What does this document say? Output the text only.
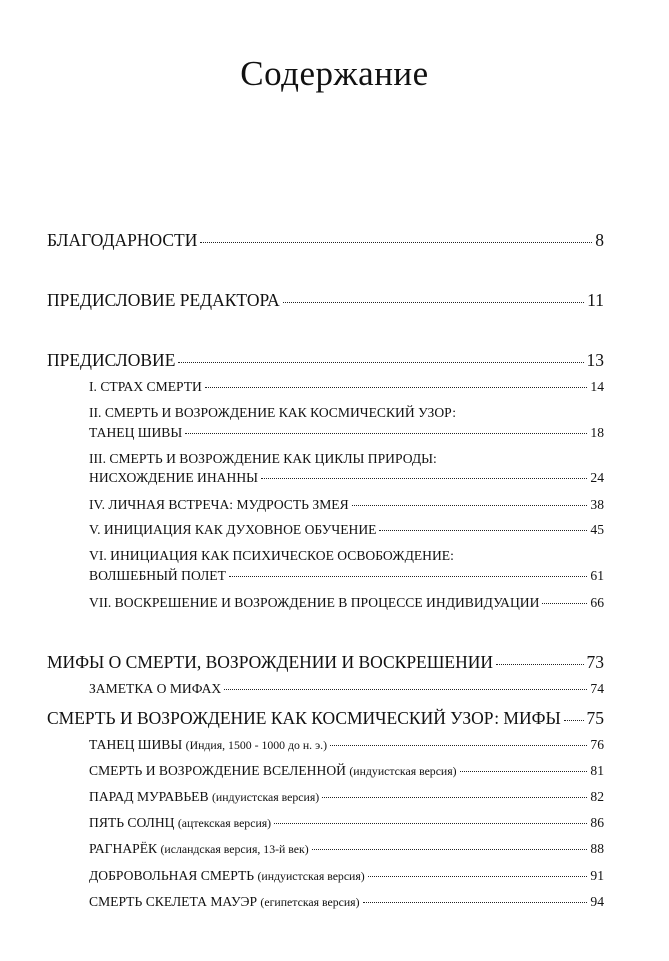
Содержание
БЛАГОДАРНОСТИ	8
ПРЕДИСЛОВИЕ РЕДАКТОРА	11
ПРЕДИСЛОВИЕ	13
I. СТРАХ СМЕРТИ	14
II. СМЕРТЬ И ВОЗРОЖДЕНИЕ КАК КОСМИЧЕСКИЙ УЗОР:
ТАНЕЦ ШИВЫ	18
III. СМЕРТЬ И ВОЗРОЖДЕНИЕ КАК ЦИКЛЫ ПРИРОДЫ:
НИСХОЖДЕНИЕ ИНАННЫ	24
IV. ЛИЧНАЯ ВСТРЕЧА: МУДРОСТЬ ЗМЕЯ	38
V. ИНИЦИАЦИЯ КАК ДУХОВНОЕ ОБУЧЕНИЕ	45
VI. ИНИЦИАЦИЯ КАК ПСИХИЧЕСКОЕ ОСВОБОЖДЕНИЕ:
ВОЛШЕБНЫЙ ПОЛЕТ	61
VII. ВОСКРЕШЕНИЕ И ВОЗРОЖДЕНИЕ В ПРОЦЕССЕ ИНДИВИДУАЦИИ	66
МИФЫ О СМЕРТИ, ВОЗРОЖДЕНИИ И ВОСКРЕШЕНИИ	73
ЗАМЕТКА О МИФАХ	74
СМЕРТЬ И ВОЗРОЖДЕНИЕ КАК КОСМИЧЕСКИЙ УЗОР: МИФЫ 75
ТАНЕЦ ШИВЫ (Индия, 1500 - 1000 до н. э.)	76
СМЕРТЬ И ВОЗРОЖДЕНИЕ ВСЕЛЕННОЙ (индуистская версия)	81
ПАРАД МУРАВЬЕВ (индуистская версия)	82
ПЯТЬ СОЛНЦ (ацтекская версия)	86
РАГНАРЁК (исландская версия, 13-й век)	88
ДОБРОВОЛЬНАЯ СМЕРТЬ (индуистская версия)	91
СМЕРТЬ СКЕЛЕТА МАУЭР (египетская версия)	94
